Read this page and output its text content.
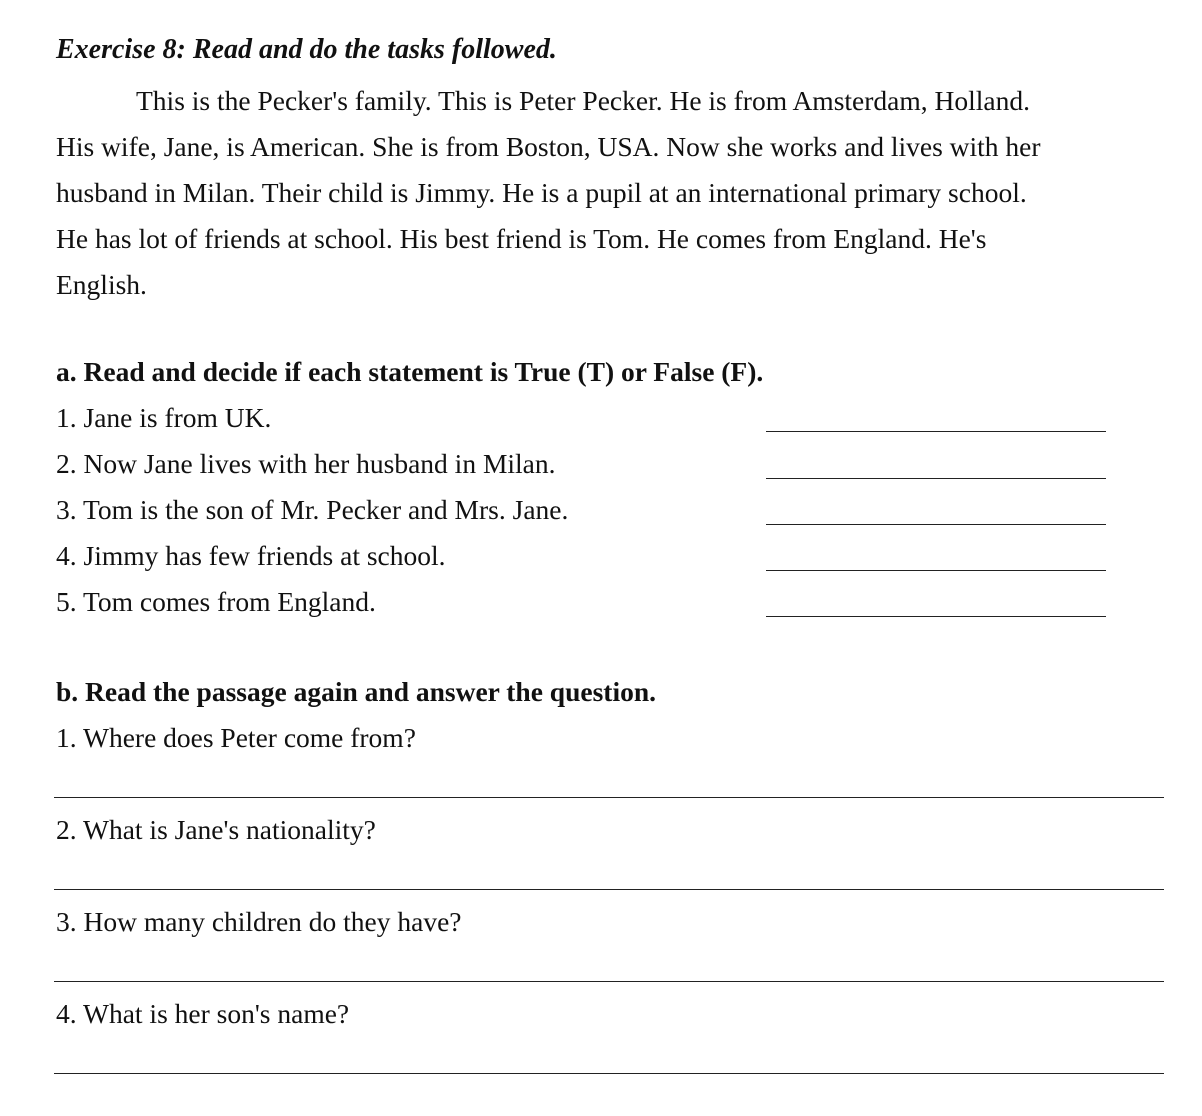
Exercise 8: Read and do the tasks followed.
This is the Pecker's family. This is Peter Pecker. He is from Amsterdam, Holland.
His wife, Jane, is American. She is from Boston, USA. Now she works and lives with her
husband in Milan. Their child is Jimmy. He is a pupil at an international primary school.
He has lot of friends at school. His best friend is Tom. He comes from England. He's
English.
a. Read and decide if each statement is True (T) or False (F).
1. Jane is from UK.
2. Now Jane lives with her husband in Milan.
3. Tom is the son of Mr. Pecker and Mrs. Jane.
4. Jimmy has few friends at school.
5. Tom comes from England.
b. Read the passage again and answer the question.
1. Where does Peter come from?
2. What is Jane's nationality?
3. How many children do they have?
4. What is her son's name?
